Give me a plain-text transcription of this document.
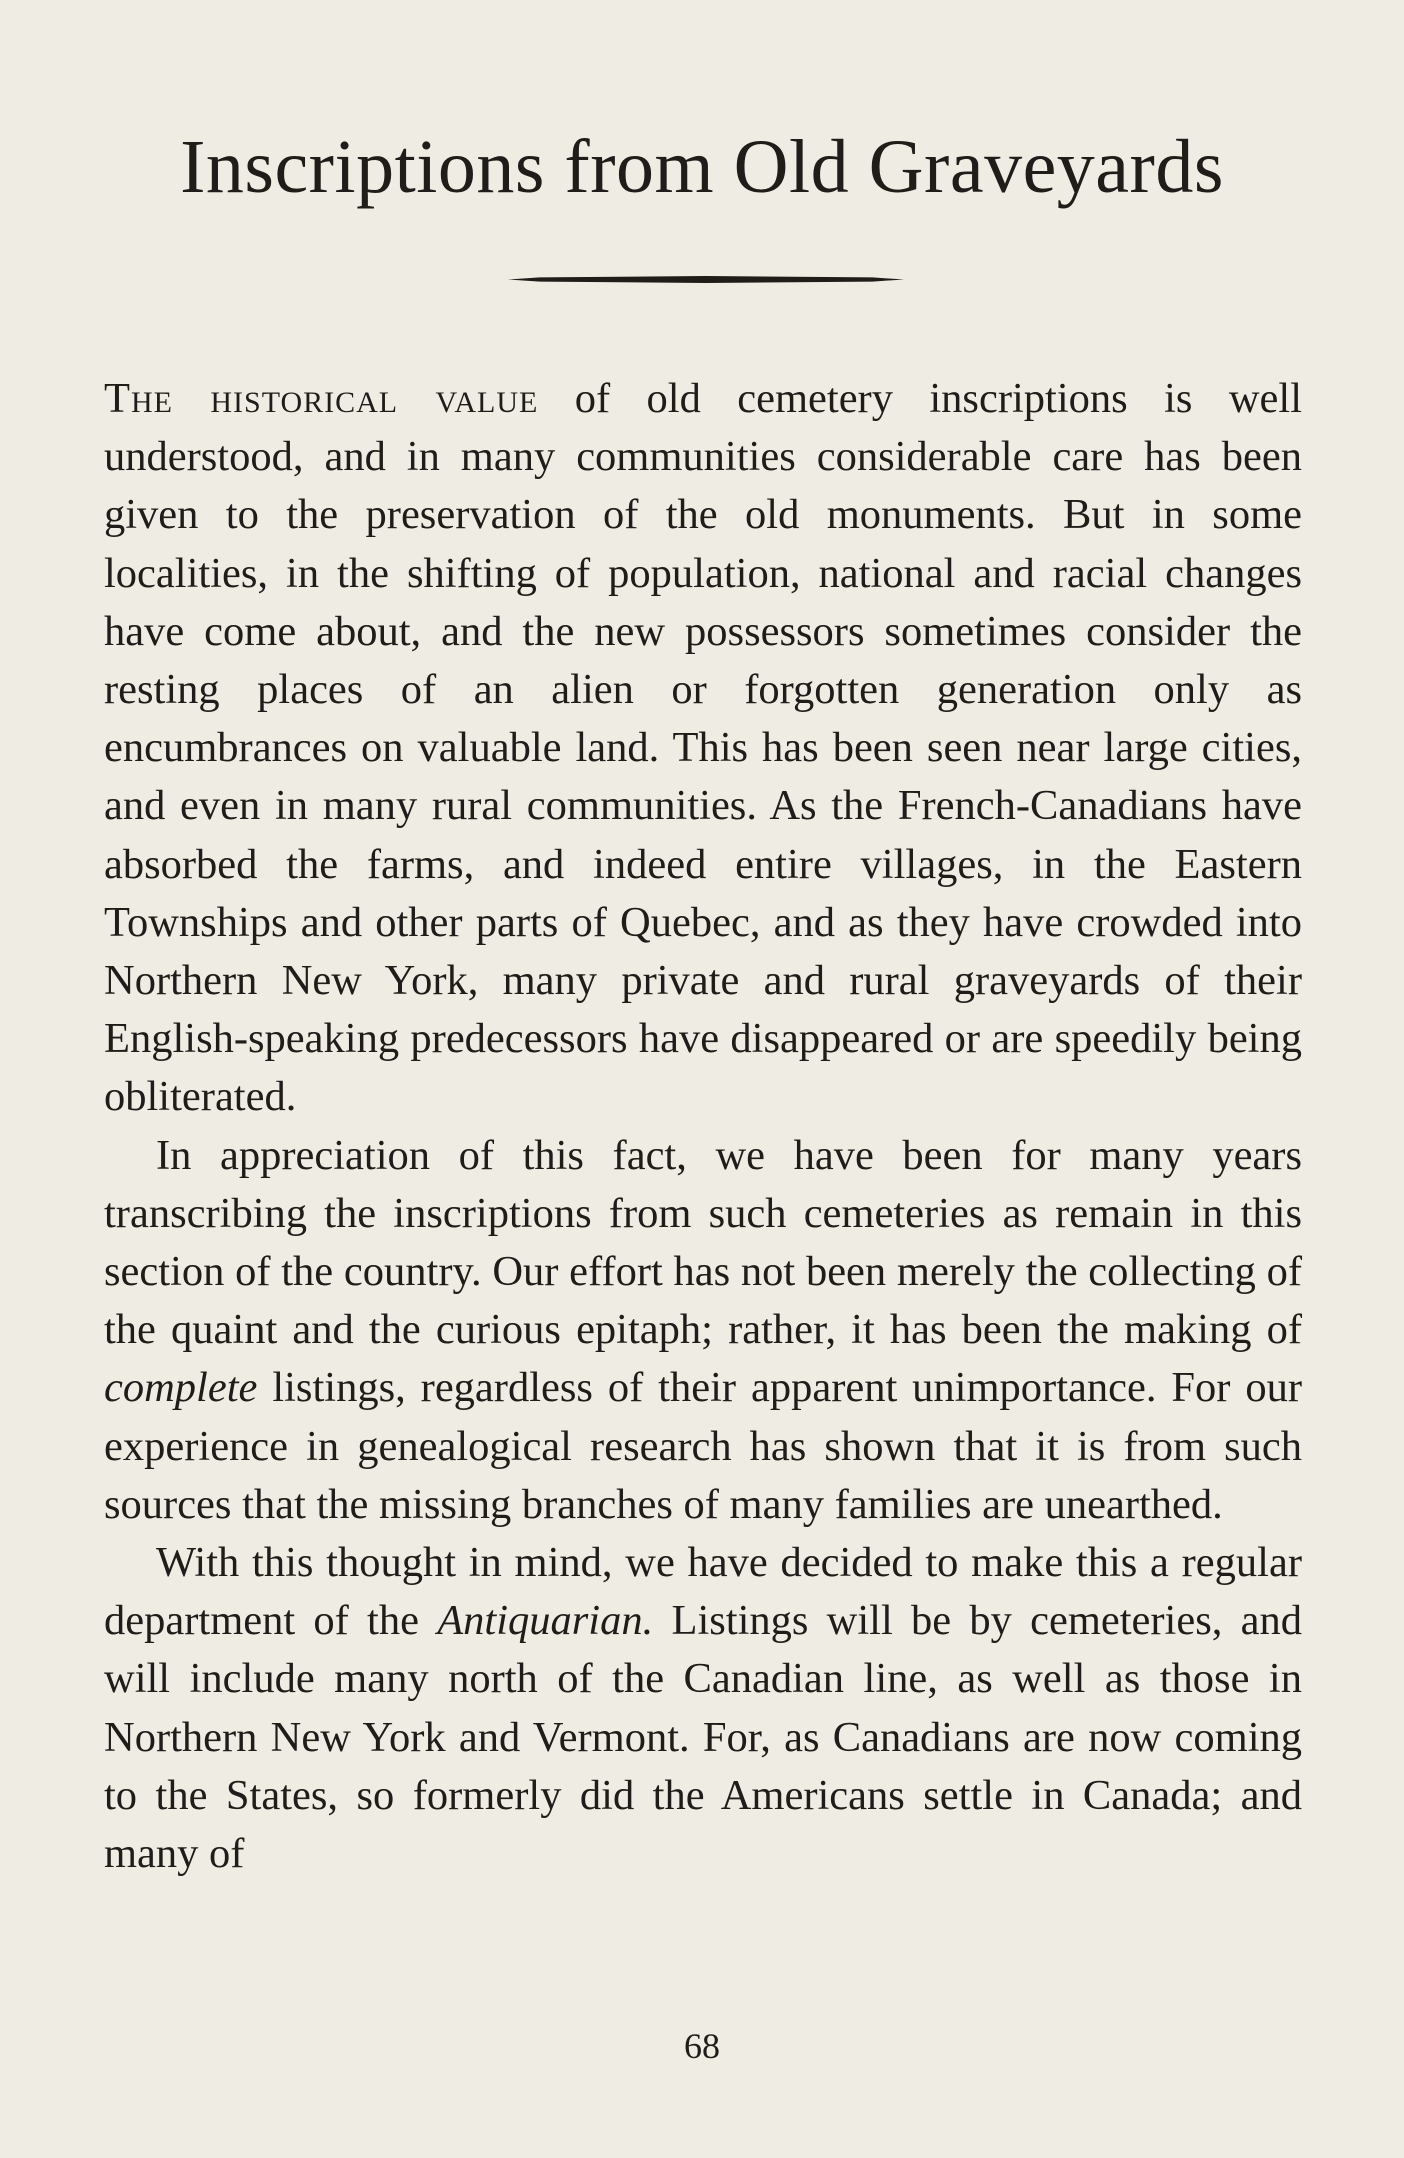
Inscriptions from Old Graveyards

The historical value of old cemetery inscriptions is well understood, and in many communities considerable care has been given to the preservation of the old monuments. But in some localities, in the shifting of population, national and racial changes have come about, and the new possessors sometimes consider the resting places of an alien or forgotten generation only as encumbrances on valuable land. This has been seen near large cities, and even in many rural communities. As the French-Canadians have absorbed the farms, and indeed entire villages, in the Eastern Townships and other parts of Quebec, and as they have crowded into Northern New York, many private and rural graveyards of their English-speaking predecessors have disappeared or are speedily being obliterated.

In appreciation of this fact, we have been for many years transcribing the inscriptions from such cemeteries as remain in this section of the country. Our effort has not been merely the collecting of the quaint and the curious epitaph; rather, it has been the making of complete listings, regardless of their apparent unimportance. For our experience in genealogical research has shown that it is from such sources that the missing branches of many families are unearthed.

With this thought in mind, we have decided to make this a regular department of the Antiquarian. Listings will be by cemeteries, and will include many north of the Canadian line, as well as those in Northern New York and Vermont. For, as Canadians are now coming to the States, so formerly did the Americans settle in Canada; and many of

68
